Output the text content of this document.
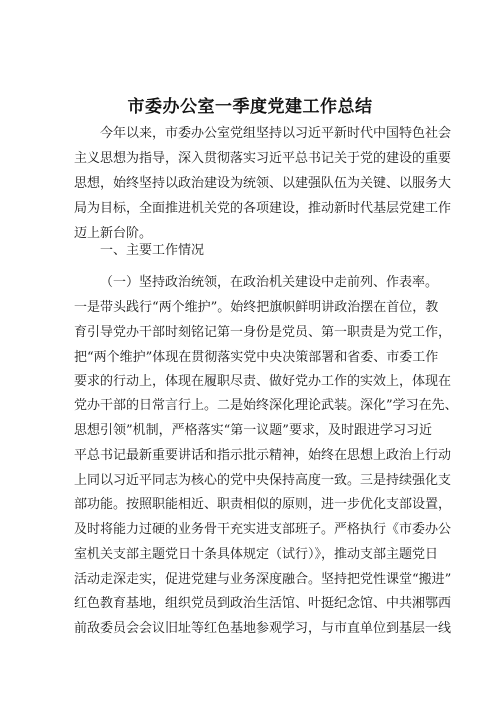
市委办公室一季度党建工作总结
今年以来，市委办公室党组坚持以习近平新时代中国特色社会
主义思想为指导，深入贯彻落实习近平总书记关于党的建设的重要
思想，始终坚持以政治建设为统领、以建强队伍为关键、以服务大
局为目标，全面推进机关党的各项建设，推动新时代基层党建工作
迈上新台阶。
一、主要工作情况
（一）坚持政治统领，在政治机关建设中走前列、作表率。
一是带头践行“两个维护”。始终把旗帜鲜明讲政治摆在首位，教
育引导党办干部时刻铭记第一身份是党员、第一职责是为党工作，
把“两个维护”体现在贯彻落实党中央决策部署和省委、市委工作
要求的行动上，体现在履职尽责、做好党办工作的实效上，体现在
党办干部的日常言行上。二是始终深化理论武装。深化”学习在先、
思想引领”机制，严格落实“第一议题”要求，及时跟进学习习近
平总书记最新重要讲话和指示批示精神，始终在思想上政治上行动
上同以习近平同志为核心的党中央保持高度一致。三是持续强化支
部功能。按照职能相近、职责相似的原则，进一步优化支部设置，
及时将能力过硬的业务骨干充实进支部班子。严格执行《市委办公
室机关支部主题党日十条具体规定（试行）》，推动支部主题党日
活动走深走实，促进党建与业务深度融合。坚持把党性课堂“搬进”
红色教育基地，组织党员到政治生活馆、叶挺纪念馆、中共湘鄂西
前敌委员会会议旧址等红色基地参观学习，与市直单位到基层一线
